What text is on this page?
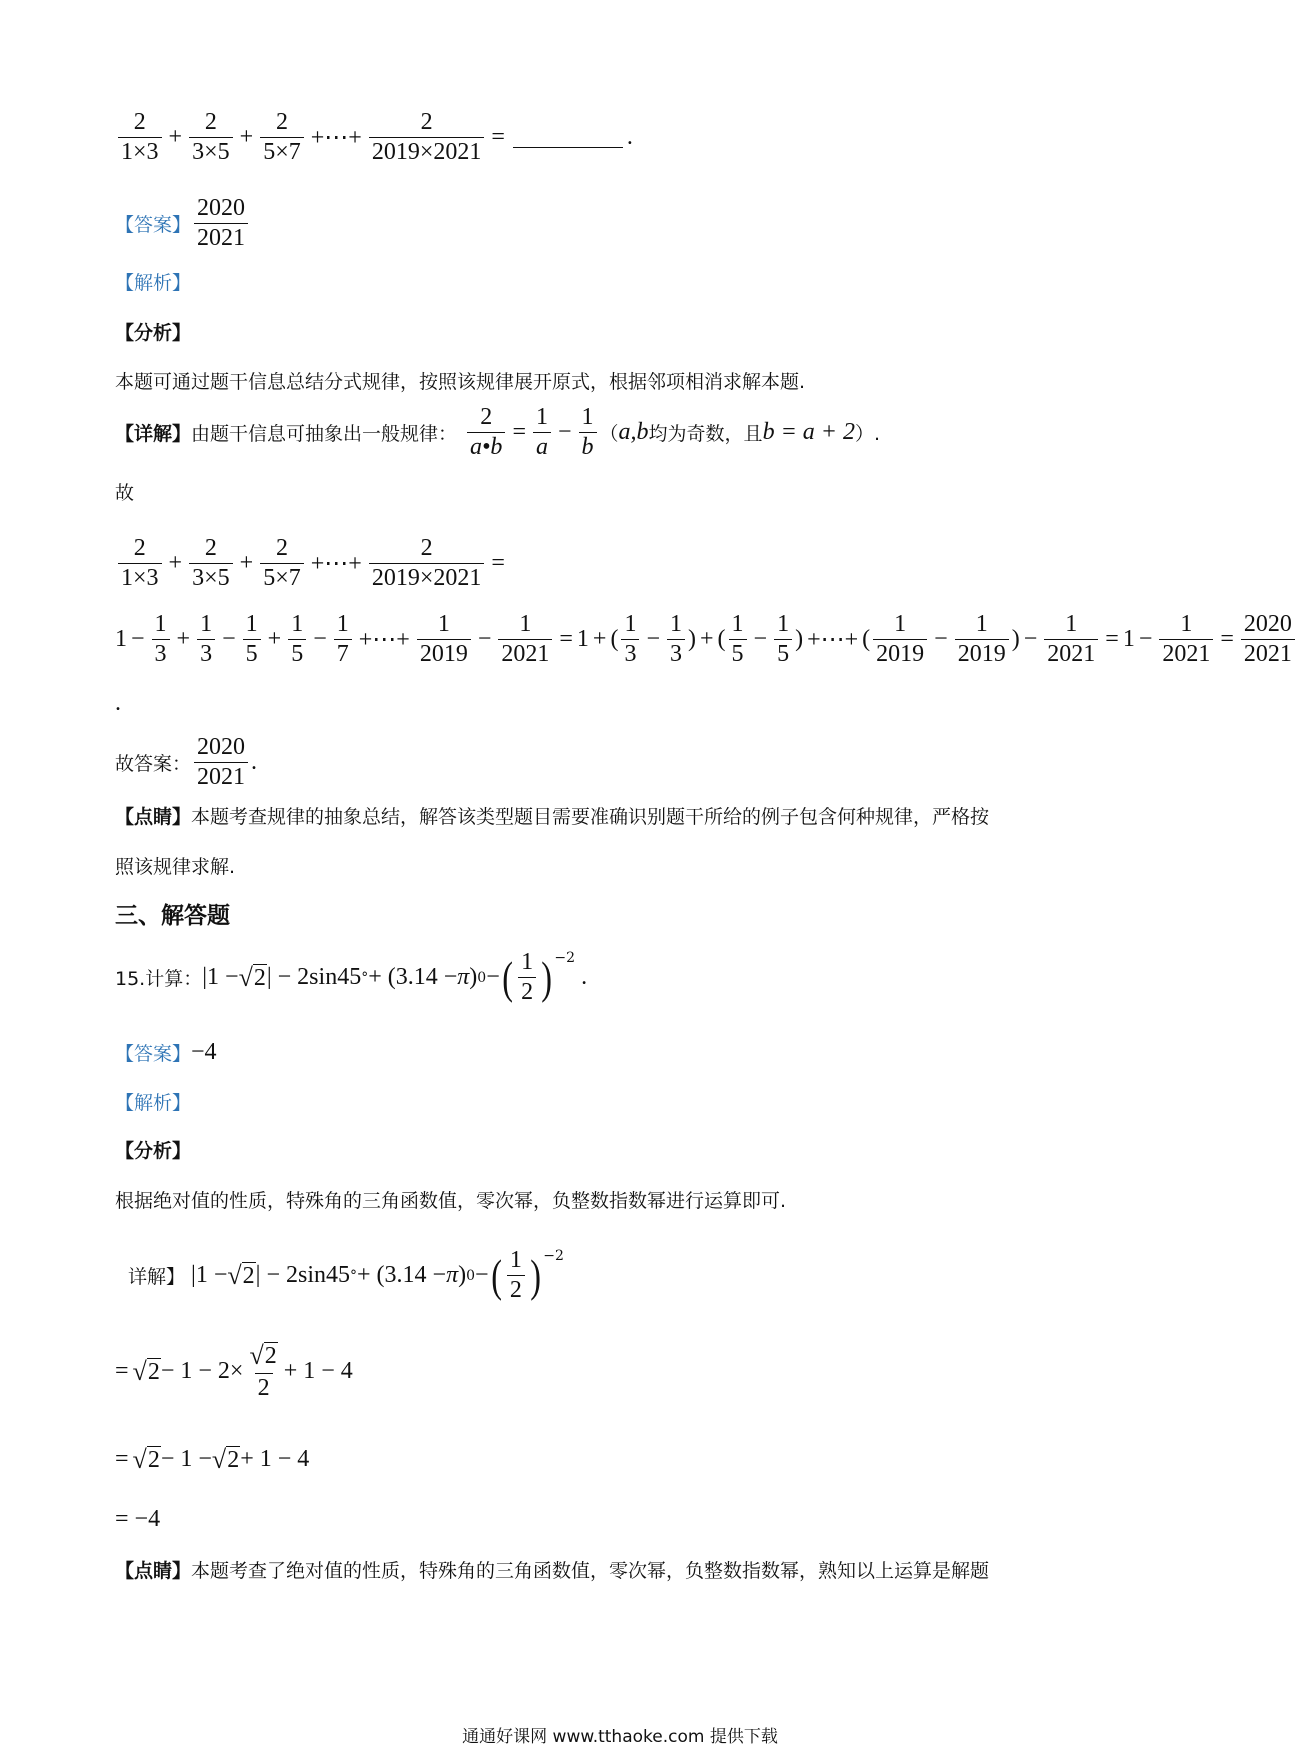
$\frac{2}{1\times 3} + \frac{2}{3\times 5} + \frac{2}{5\times 7}$ +⋯+ $\frac{2}{2019\times 2021}$ =	.
【答案】 $\frac{2020}{2021}$
【解析】
【分析】
本题可通过题干信息总结分式规律，按照该规律展开原式，根据邻项相消求解本题.
【详解】 由题干信息可抽象出一般规律： $\frac{2}{a•b} = \frac{1}{a} - \frac{1}{b}$ （ a,b 均为奇数，且 b = a + 2 ）.
故
$\frac{2}{1\times 3} + \frac{2}{3\times 5} + \frac{2}{5\times 7}$ +⋯+ $\frac{2}{2019\times 2021}$ =
$1 - \frac{1}{3} + \frac{1}{3} - \frac{1}{5} + \frac{1}{5} - \frac{1}{7}$ +⋯+ $\frac{1}{2019} - \frac{1}{2021} = 1$ + ( $\frac{1}{3} - \frac{1}{3}$ ) + ( $\frac{1}{5} - \frac{1}{5}$ ) +⋯+ ( $\frac{1}{2019} - \frac{1}{2019}$ ) − $\frac{1}{2021} = 1 - \frac{1}{2021} = \frac{2020}{2021}$
.
故答案： $\frac{2020}{2021}$ .
【点睛】 本题考查规律的抽象总结，解答该类型题目需要准确识别题干所给的例子包含何种规律，严格按
照该规律求解.
三、解答题
15.计算： |1 − √ 2 | − 2sin45 ° + (3.14 − π ) 0 − ( $\frac{1}{2} )^{-2}$
.
【答案】 −4
【解析】
【分析】
根据绝对值的性质，特殊角的三角函数值，零次幂，负整数指数幂进行运算即可.
详解】 |1 − √ 2 | − 2sin45 ° + (3.14 − π ) 0 − ( $\frac{1}{2} )^{-2}$
= √ $2 - 1 - 2\times \frac{√ 2}{2} + 1 - 4$
= √ 2 − 1 − √ 2 + 1 − 4
= −4
【点睛】 本题考查了绝对值的性质，特殊角的三角函数值，零次幂，负整数指数幂，熟知以上运算是解题
通通好课网 www.tthaoke.com 提供下载
